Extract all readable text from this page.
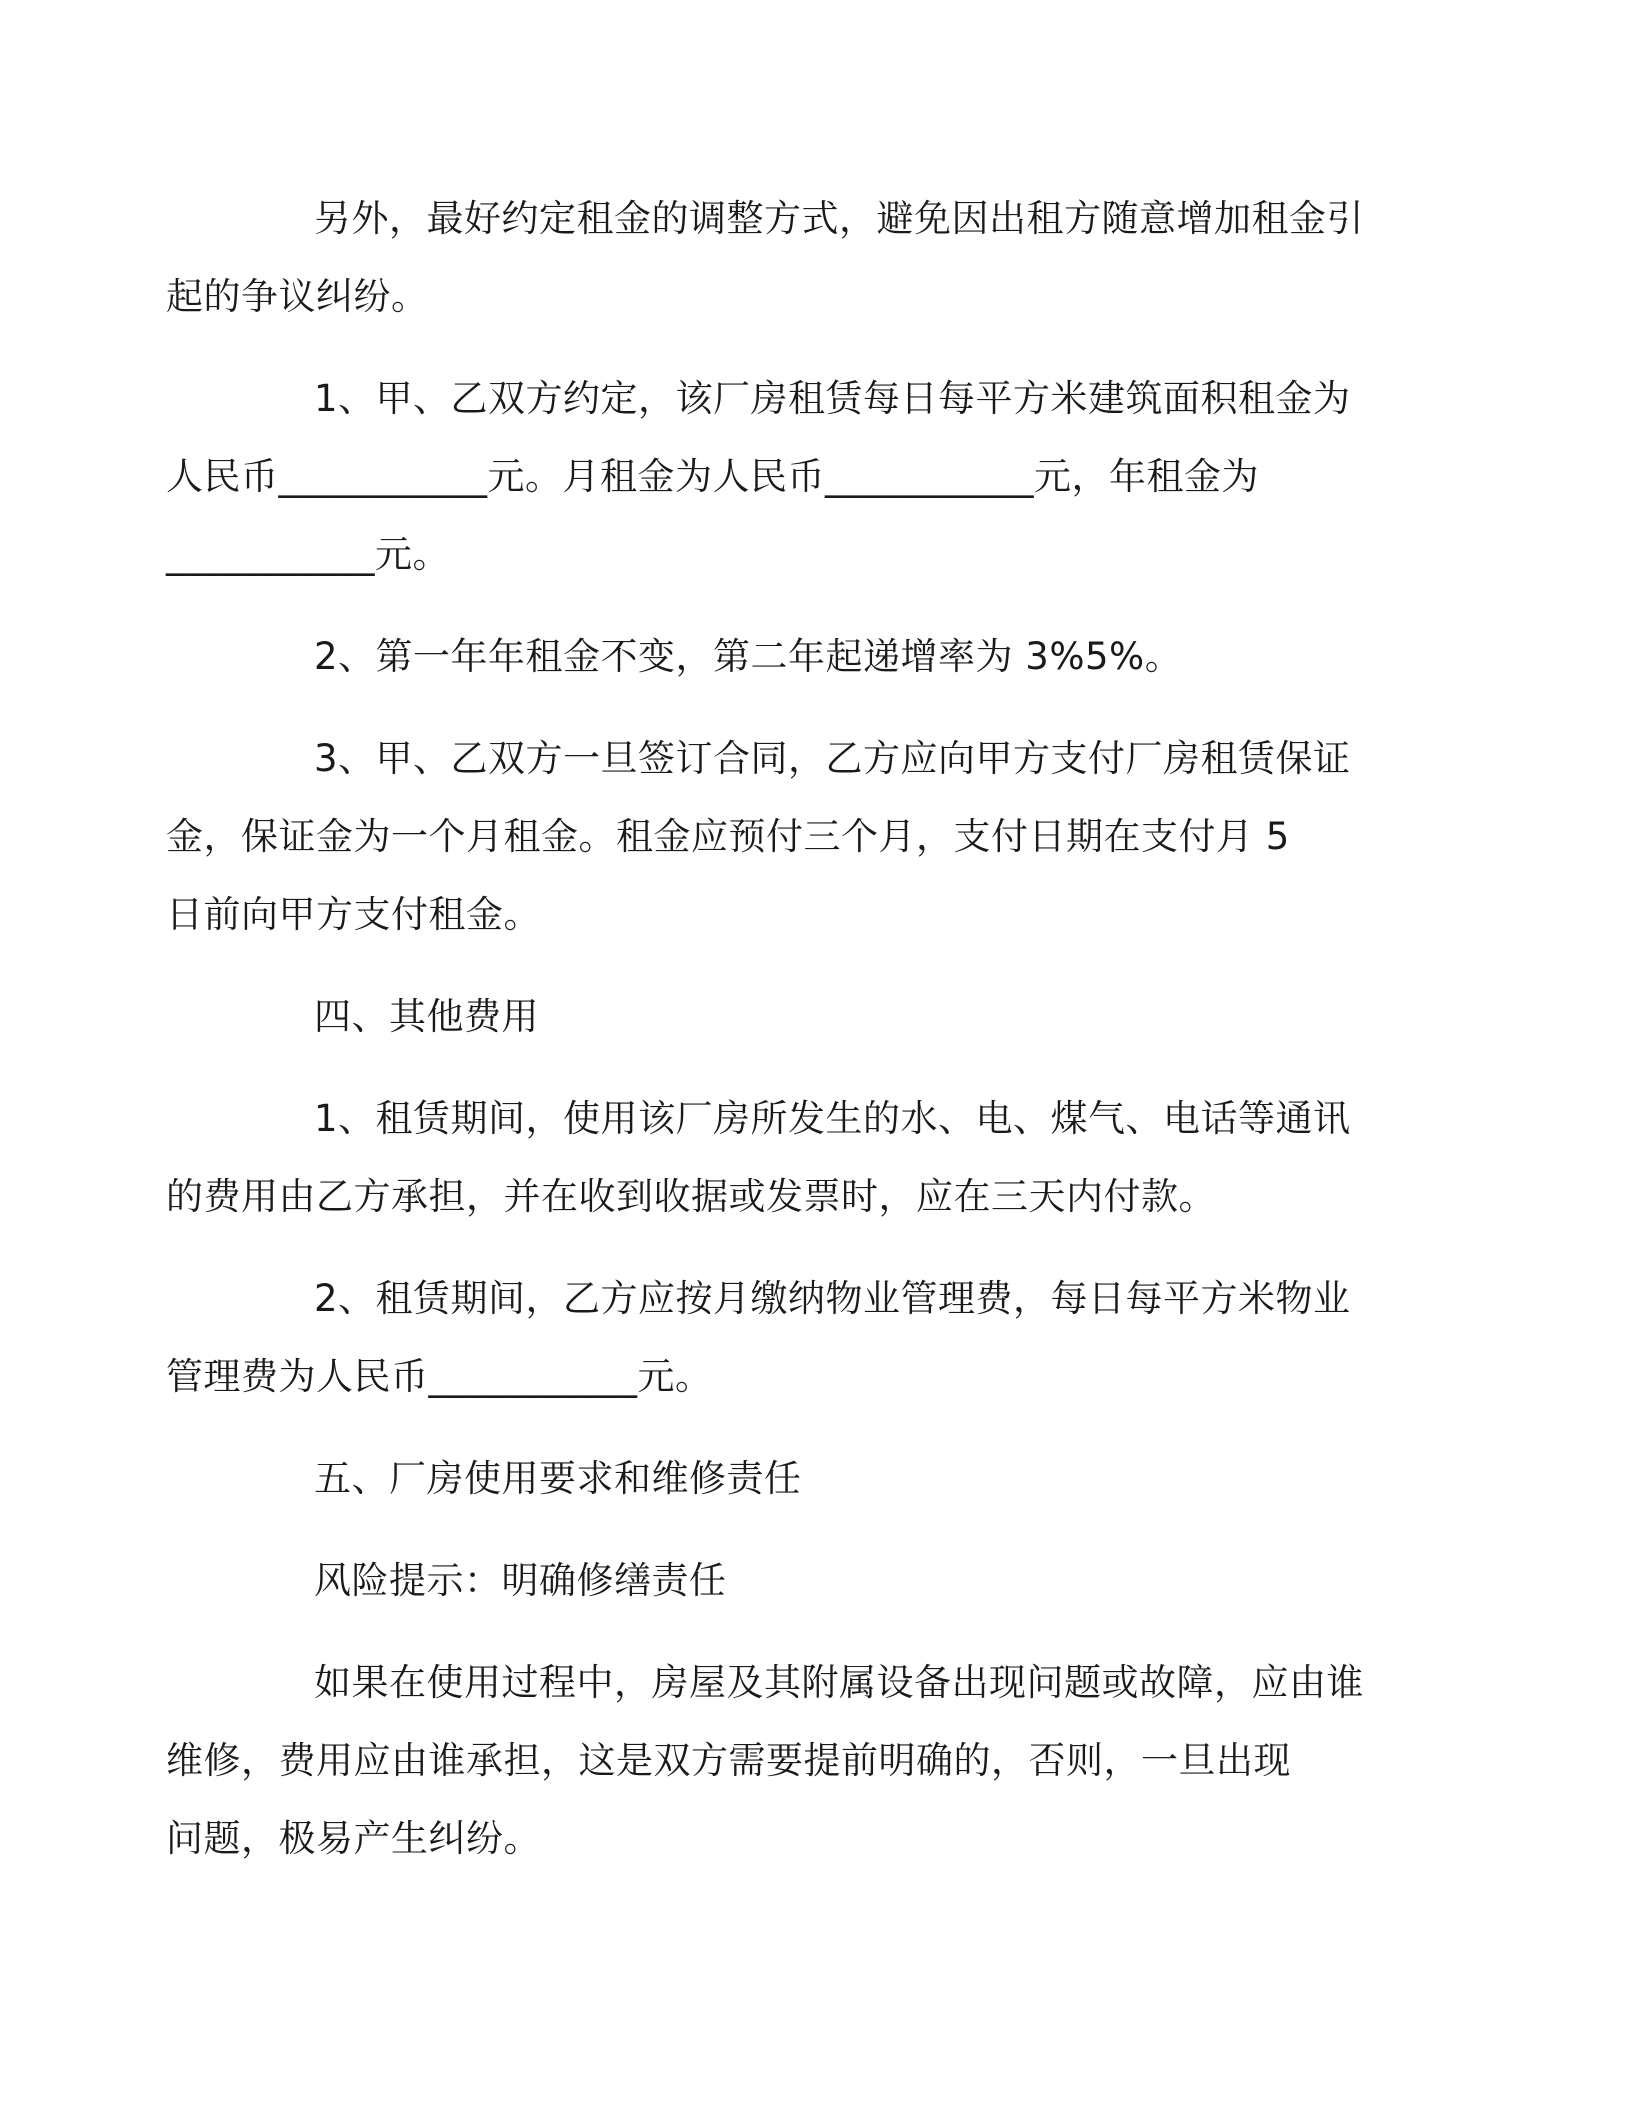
另外，最好约定租金的调整方式，避免因出租方随意增加租金引
起的争议纠纷。

1、甲、乙双方约定，该厂房租赁每日每平方米建筑面积租金为
人民币___________元。月租金为人民币___________元，年租金为
___________元。

2、第一年年租金不变，第二年起递增率为 3%5%。

3、甲、乙双方一旦签订合同，乙方应向甲方支付厂房租赁保证
金，保证金为一个月租金。租金应预付三个月，支付日期在支付月 5
日前向甲方支付租金。

四、其他费用

1、租赁期间，使用该厂房所发生的水、电、煤气、电话等通讯
的费用由乙方承担，并在收到收据或发票时，应在三天内付款。

2、租赁期间，乙方应按月缴纳物业管理费，每日每平方米物业
管理费为人民币___________元。

五、厂房使用要求和维修责任

风险提示：明确修缮责任

如果在使用过程中，房屋及其附属设备出现问题或故障，应由谁
维修，费用应由谁承担，这是双方需要提前明确的，否则，一旦出现
问题，极易产生纠纷。
